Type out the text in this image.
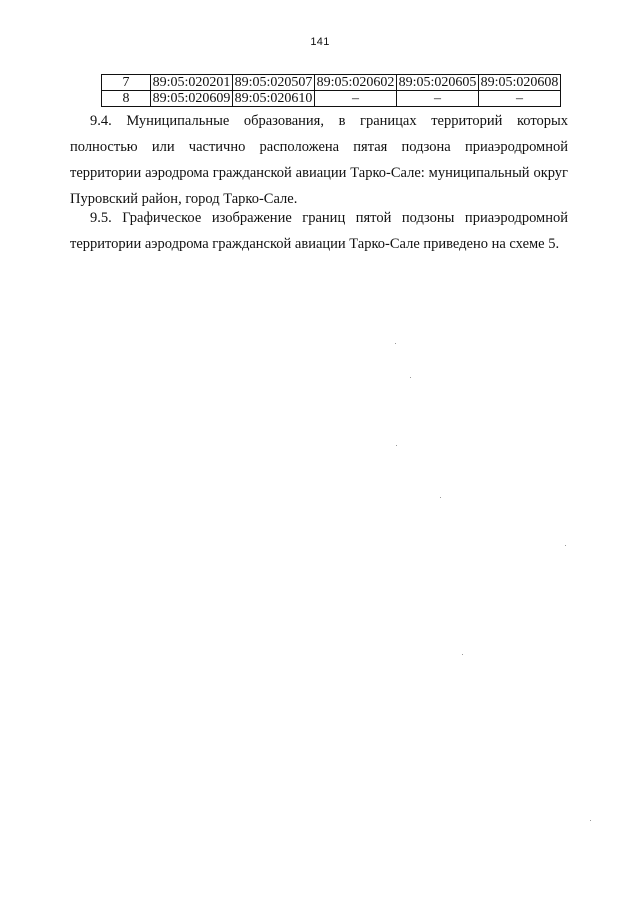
141
7	89:05:020201	89:05:020507	89:05:020602	89:05:020605	89:05:020608
8	89:05:020609	89:05:020610	–	–	–

9.4. Муниципальные образования, в границах территорий которых полностью или частично расположена пятая подзона приаэродромной территории аэродрома гражданской авиации Тарко-Сале: муниципальный округ Пуровский район, город Тарко-Сале.

9.5. Графическое изображение границ пятой подзоны приаэродромной территории аэродрома гражданской авиации Тарко-Сале приведено на схеме 5.
